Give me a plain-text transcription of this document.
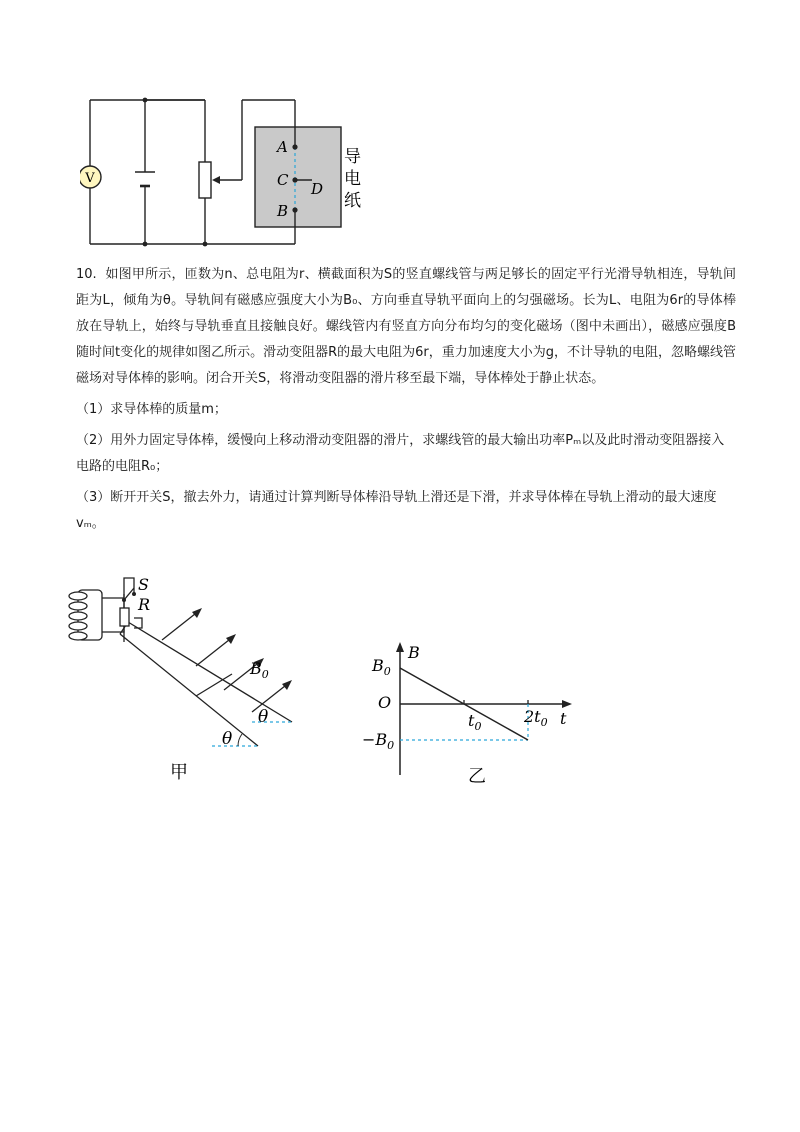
V
A
C D
B
导
电
纸

10. 如图甲所示，匝数为n、总电阻为r、横截面积为S的竖直螺线管与两足够长的固定平行光滑导轨相连，导轨间距为L，倾角为θ。导轨间有磁感应强度大小为B₀、方向垂直导轨平面向上的匀强磁场。长为L、电阻为6r的导体棒放在导轨上，始终与导轨垂直且接触良好。螺线管内有竖直方向分布均匀的变化磁场（图中未画出），磁感应强度B随时间t变化的规律如图乙所示。滑动变阻器R的最大电阻为6r，重力加速度大小为g，不计导轨的电阻，忽略螺线管磁场对导体棒的影响。闭合开关S，将滑动变阻器的滑片移至最下端，导体棒处于静止状态。

（1）求导体棒的质量m；

（2）用外力固定导体棒，缓慢向上移动滑动变阻器的滑片，求螺线管的最大输出功率Pₘ以及此时滑动变阻器接入电路的电阻R₀；

（3）断开开关S，撤去外力，请通过计算判断导体棒沿导轨上滑还是下滑，并求导体棒在导轨上滑动的最大速度vₘ。

S
R
$B_0$
θ
θ
甲
B
t
$B_0$
O
$-B_0$
$t_0$
$2t_0$
乙
